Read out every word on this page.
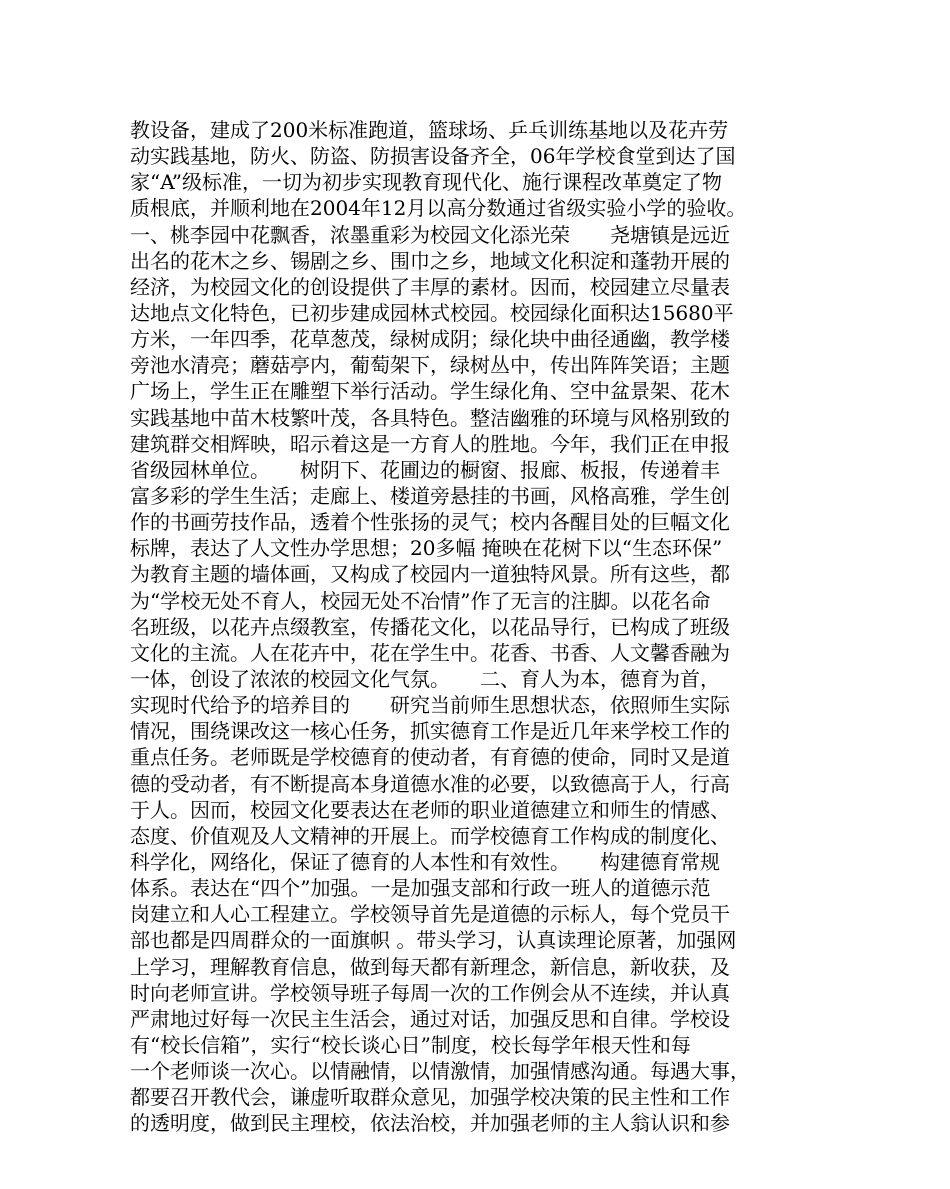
教设备，建成了200米标准跑道，篮球场、乒乓训练基地以及花卉劳
动实践基地，防火、防盗、防损害设备齐全，06年学校食堂到达了国
家“A”级标准，一切为初步实现教育现代化、施行课程改革奠定了物
质根底，并顺利地在2004年12月以高分数通过省级实验小学的验收。
一、桃李园中花飘香，浓墨重彩为校园文化添光荣　　尧塘镇是远近
出名的花木之乡、锡剧之乡、围巾之乡，地域文化积淀和蓬勃开展的
经济，为校园文化的创设提供了丰厚的素材。因而，校园建立尽量表
达地点文化特色，已初步建成园林式校园。校园绿化面积达15680平
方米，一年四季，花草葱茂，绿树成阴；绿化块中曲径通幽，教学楼
旁池水清亮；蘑菇亭内，葡萄架下，绿树丛中，传出阵阵笑语；主题
广场上，学生正在雕塑下举行活动。学生绿化角、空中盆景架、花木
实践基地中苗木枝繁叶茂，各具特色。整洁幽雅的环境与风格别致的
建筑群交相辉映，昭示着这是一方育人的胜地。今年，我们正在申报
省级园林单位。　　树阴下、花圃边的橱窗、报廊、板报，传递着丰
富多彩的学生生活；走廊上、楼道旁悬挂的书画，风格高雅，学生创
作的书画劳技作品，透着个性张扬的灵气；校内各醒目处的巨幅文化
标牌，表达了人文性办学思想；20多幅 掩映在花树下以“生态环保”
为教育主题的墙体画，又构成了校园内一道独特风景。所有这些，都
为“学校无处不育人，校园无处不冶情”作了无言的注脚。以花名命
名班级，以花卉点缀教室，传播花文化，以花品导行，已构成了班级
文化的主流。人在花卉中，花在学生中。花香、书香、人文馨香融为
一体，创设了浓浓的校园文化气氛。　　二、育人为本，德育为首，
实现时代给予的培养目的　　研究当前师生思想状态，依照师生实际
情况，围绕课改这一核心任务，抓实德育工作是近几年来学校工作的
重点任务。老师既是学校德育的使动者，有育德的使命，同时又是道
德的受动者，有不断提高本身道德水准的必要，以致德高于人，行高
于人。因而，校园文化要表达在老师的职业道德建立和师生的情感、
态度、价值观及人文精神的开展上。而学校德育工作构成的制度化、
科学化，网络化，保证了德育的人本性和有效性。　　构建德育常规
体系。表达在“四个”加强。一是加强支部和行政一班人的道德示范
岗建立和人心工程建立。学校领导首先是道德的示标人，每个党员干
部也都是四周群众的一面旗帜 。带头学习，认真读理论原著，加强网
上学习，理解教育信息，做到每天都有新理念，新信息，新收获，及
时向老师宣讲。学校领导班子每周一次的工作例会从不连续，并认真
严肃地过好每一次民主生活会，通过对话，加强反思和自律。学校设
有“校长信箱”，实行“校长谈心日”制度，校长每学年根天性和每
一个老师谈一次心。以情融情，以情激情，加强情感沟通。每遇大事，
都要召开教代会，谦虚听取群众意见，加强学校决策的民主性和工作
的透明度，做到民主理校，依法治校，并加强老师的主人翁认识和参
